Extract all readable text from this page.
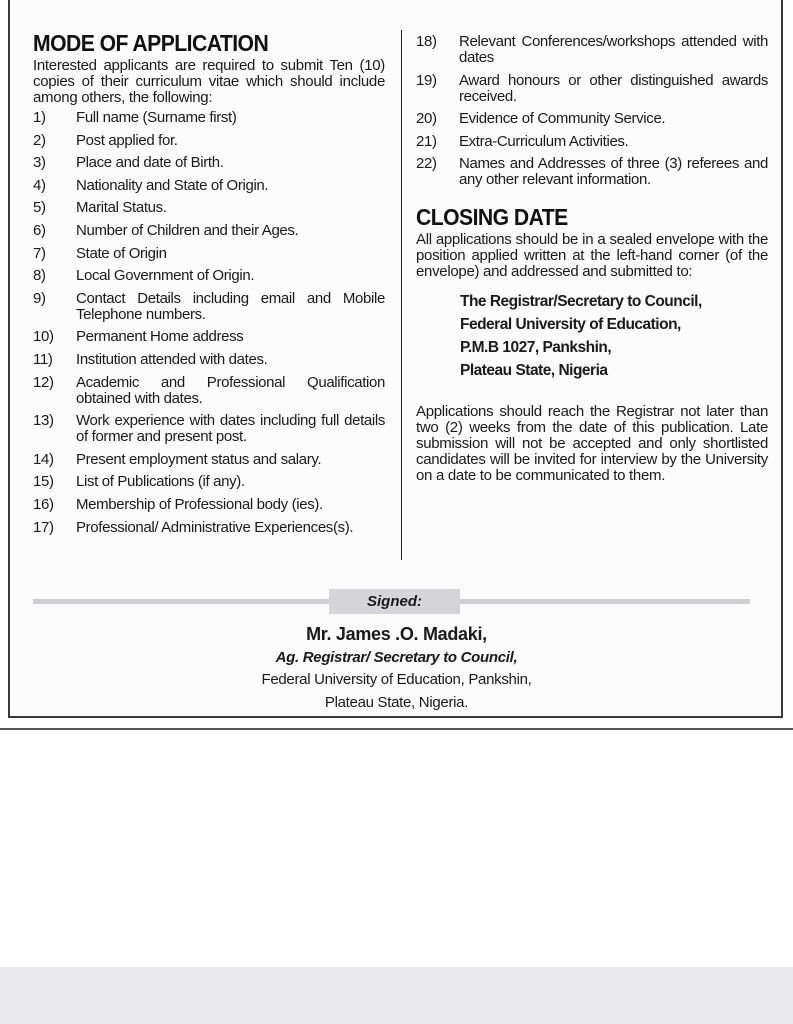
MODE OF APPLICATION

Interested applicants are required to submit Ten (10) copies of their curriculum vitae which should include among others, the following:

1)	Full name (Surname first)
2)	Post applied for.
3)	Place and date of Birth.
4)	Nationality and State of Origin.
5)	Marital Status.
6)	Number of Children and their Ages.
7)	State of Origin
8)	Local Government of Origin.
9)	Contact Details including email and Mobile Telephone numbers.
10)	Permanent Home address
11)	Institution attended with dates.
12)	Academic and Professional Qualification obtained with dates.
13)	Work experience with dates including full details of former and present post.
14)	Present employment status and salary.
15)	List of Publications (if any).
16)	Membership of Professional body (ies).
17)	Professional/ Administrative Experiences(s).
18)	Relevant Conferences/workshops attended with dates
19)	Award honours or other distinguished awards received.
20)	Evidence of Community Service.
21)	Extra-Curriculum Activities.
22)	Names and Addresses of three (3) referees and any other relevant information.
CLOSING DATE

All applications should be in a sealed envelope with the position applied written at the left-hand corner (of the envelope) and addressed and submitted to:

The Registrar/Secretary to Council,
Federal University of Education,
P.M.B 1027, Pankshin,
Plateau State, Nigeria

Applications should reach the Registrar not later than two (2) weeks from the date of this publication. Late submission will not be accepted and only shortlisted candidates will be invited for interview by the University on a date to be communicated to them.

Signed:
Mr. James .O. Madaki,
Ag. Registrar/ Secretary to Council,
Federal University of Education, Pankshin,
Plateau State, Nigeria.
